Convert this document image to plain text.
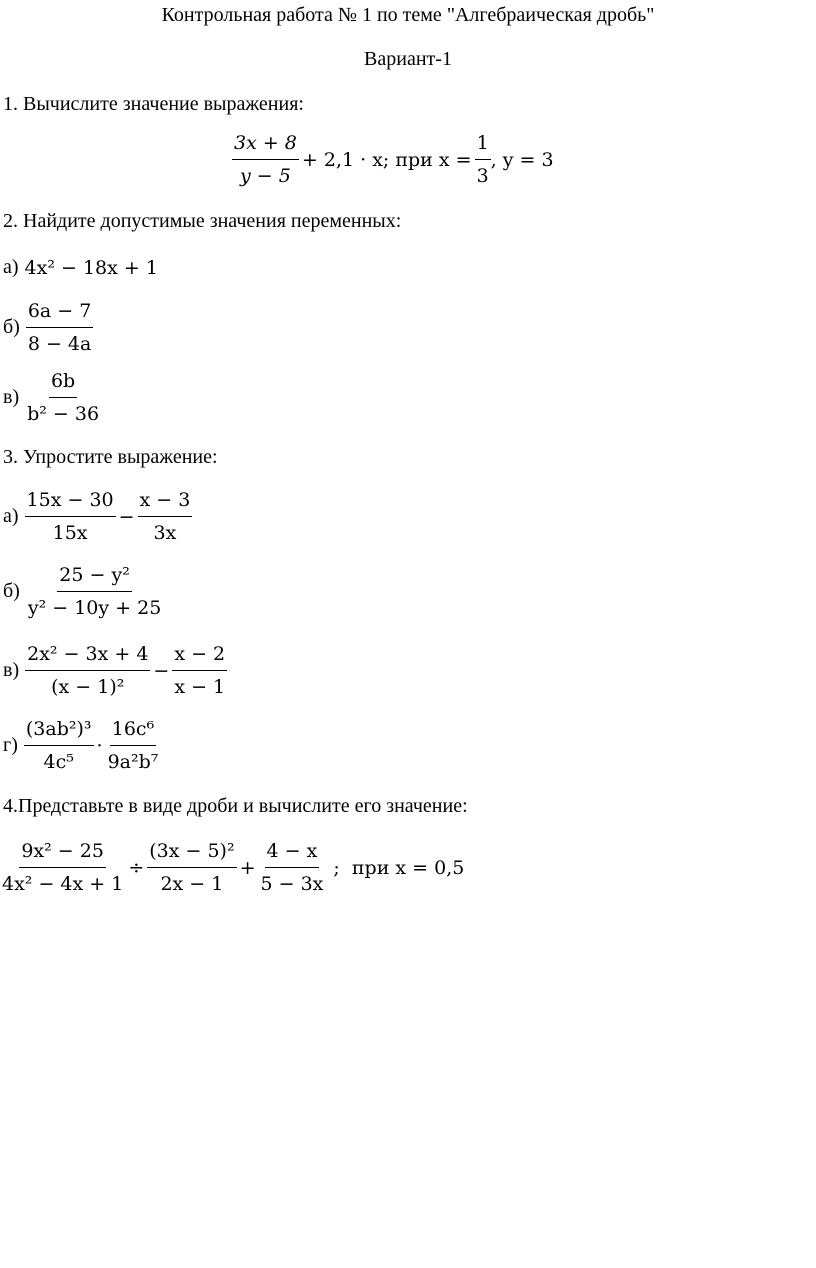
Контрольная работа № 1 по теме "Алгебраическая дробь"
Вариант-1
1. Вычислите значение выражения:
$\frac{3x + 8}{y - 5} + 2,1 \cdot x$; при $x = \frac{1}{3}$ , y = 3
2. Найдите допустимые значения переменных:
а) 4x² − 18x + 1
$б) \frac{6a - 7}{8 - 4a}$
$в) \frac{6b}{\text{b² − 36}}$
3. Упростите выражение:
$а) \frac{15x - 30}{15x} - \frac{x - 3}{3x}$
$б) \frac{\text{25 − y²}}{\text{y² − 10y + 25}}$
$в) \frac{\text{2x² − 3x + 4}}{\text{(x − 1)²}} - \frac{x - 2}{x - 1}$
$г) \frac{\text{(3ab²)³}}{\text{4c⁵}} \cdot \frac{\text{16c⁶}}{\text{9a²b⁷}}$
4.Представьте в виде дроби и вычислите его значение:
$\frac{\text{9x² − 25}}{\text{4x² − 4x + 1}} \div \frac{\text{(3x − 5)²}}{2x - 1} + \frac{4 - x}{5 - 3x}$ ;  при x = 0,5
